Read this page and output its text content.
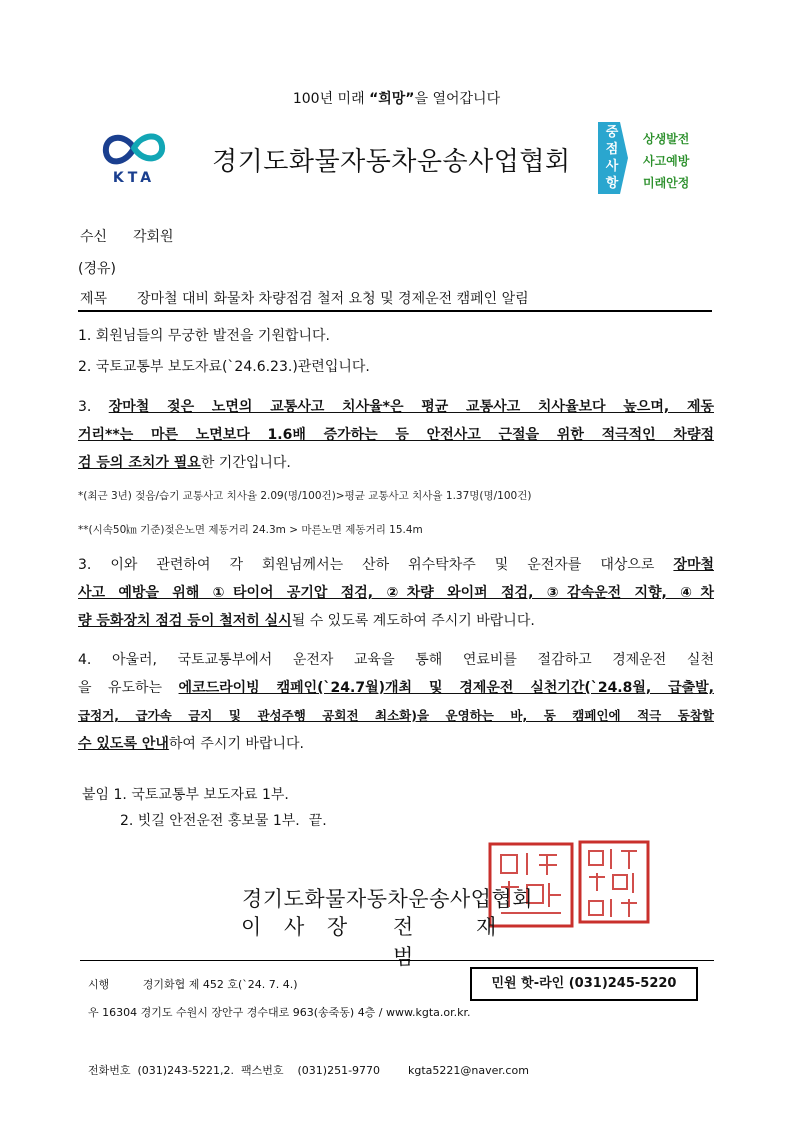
100년 미래 “희망”을 열어갑니다
KTA
경기도화물자동차운송사업협회
중
점
사
항
상생발전
사고예방
미래안정
수신 각회원
(경유)
제목 장마철 대비 화물차 차량점검 철저 요청 및 경제운전 캠페인 알림
1. 회원님들의 무궁한 발전을 기원합니다.
2. 국토교통부 보도자료(`24.6.23.)관련입니다.
3. 장마철 젖은 노면의 교통사고 치사율*은 평균 교통사고 치사율보다 높으며, 제동
거리**는 마른 노면보다 1.6배 증가하는 등 안전사고 근절을 위한 적극적인 차량점
검 등의 조치가 필요한 기간입니다.
*(최근 3년) 젖음/습기 교통사고 치사율 2.09(명/100건)>평균 교통사고 치사율 1.37명(명/100건)
**(시속50㎞ 기준)젖은노면 제동거리 24.3m > 마른노면 제동거리 15.4m
3. 이와 관련하여 각 회원님께서는 산하 위수탁차주 및 운전자를 대상으로 장마철
사고 예방을 위해 ①타이어 공기압 점검, ②차량 와이퍼 점검, ③감속운전 지향, ④차
량 등화장치 점검 등이 철저히 실시될 수 있도록 계도하여 주시기 바랍니다.
4. 아울러, 국토교통부에서 운전자 교육을 통해 연료비를 절감하고 경제운전 실천
을 유도하는 에코드라이빙 캠페인(`24.7월)개최 및 경제운전 실천기간(`24.8월, 급출발,
급정거, 급가속 금지 및 관성주행 공회전 최소화)을 운영하는 바, 동 캠페인에 적극 동참할
수 있도록 안내하여 주시기 바랍니다.
붙임 1. 국토교통부 보도자료 1부.
2. 빗길 안전운전 홍보물 1부. 끝.
경기도화물자동차운송사업협회
이 사 장 전 재 범
시행	경기화협 제 452 호(`24. 7. 4.)	민원 핫-라인 (031)245-5220
우 16304 경기도 수원시 장안구 경수대로 963(송죽동) 4층 / www.kgta.or.kr.
전화번호  (031)243-5221,2.  팩스번호    (031)251-9770        kgta5221@naver.com
